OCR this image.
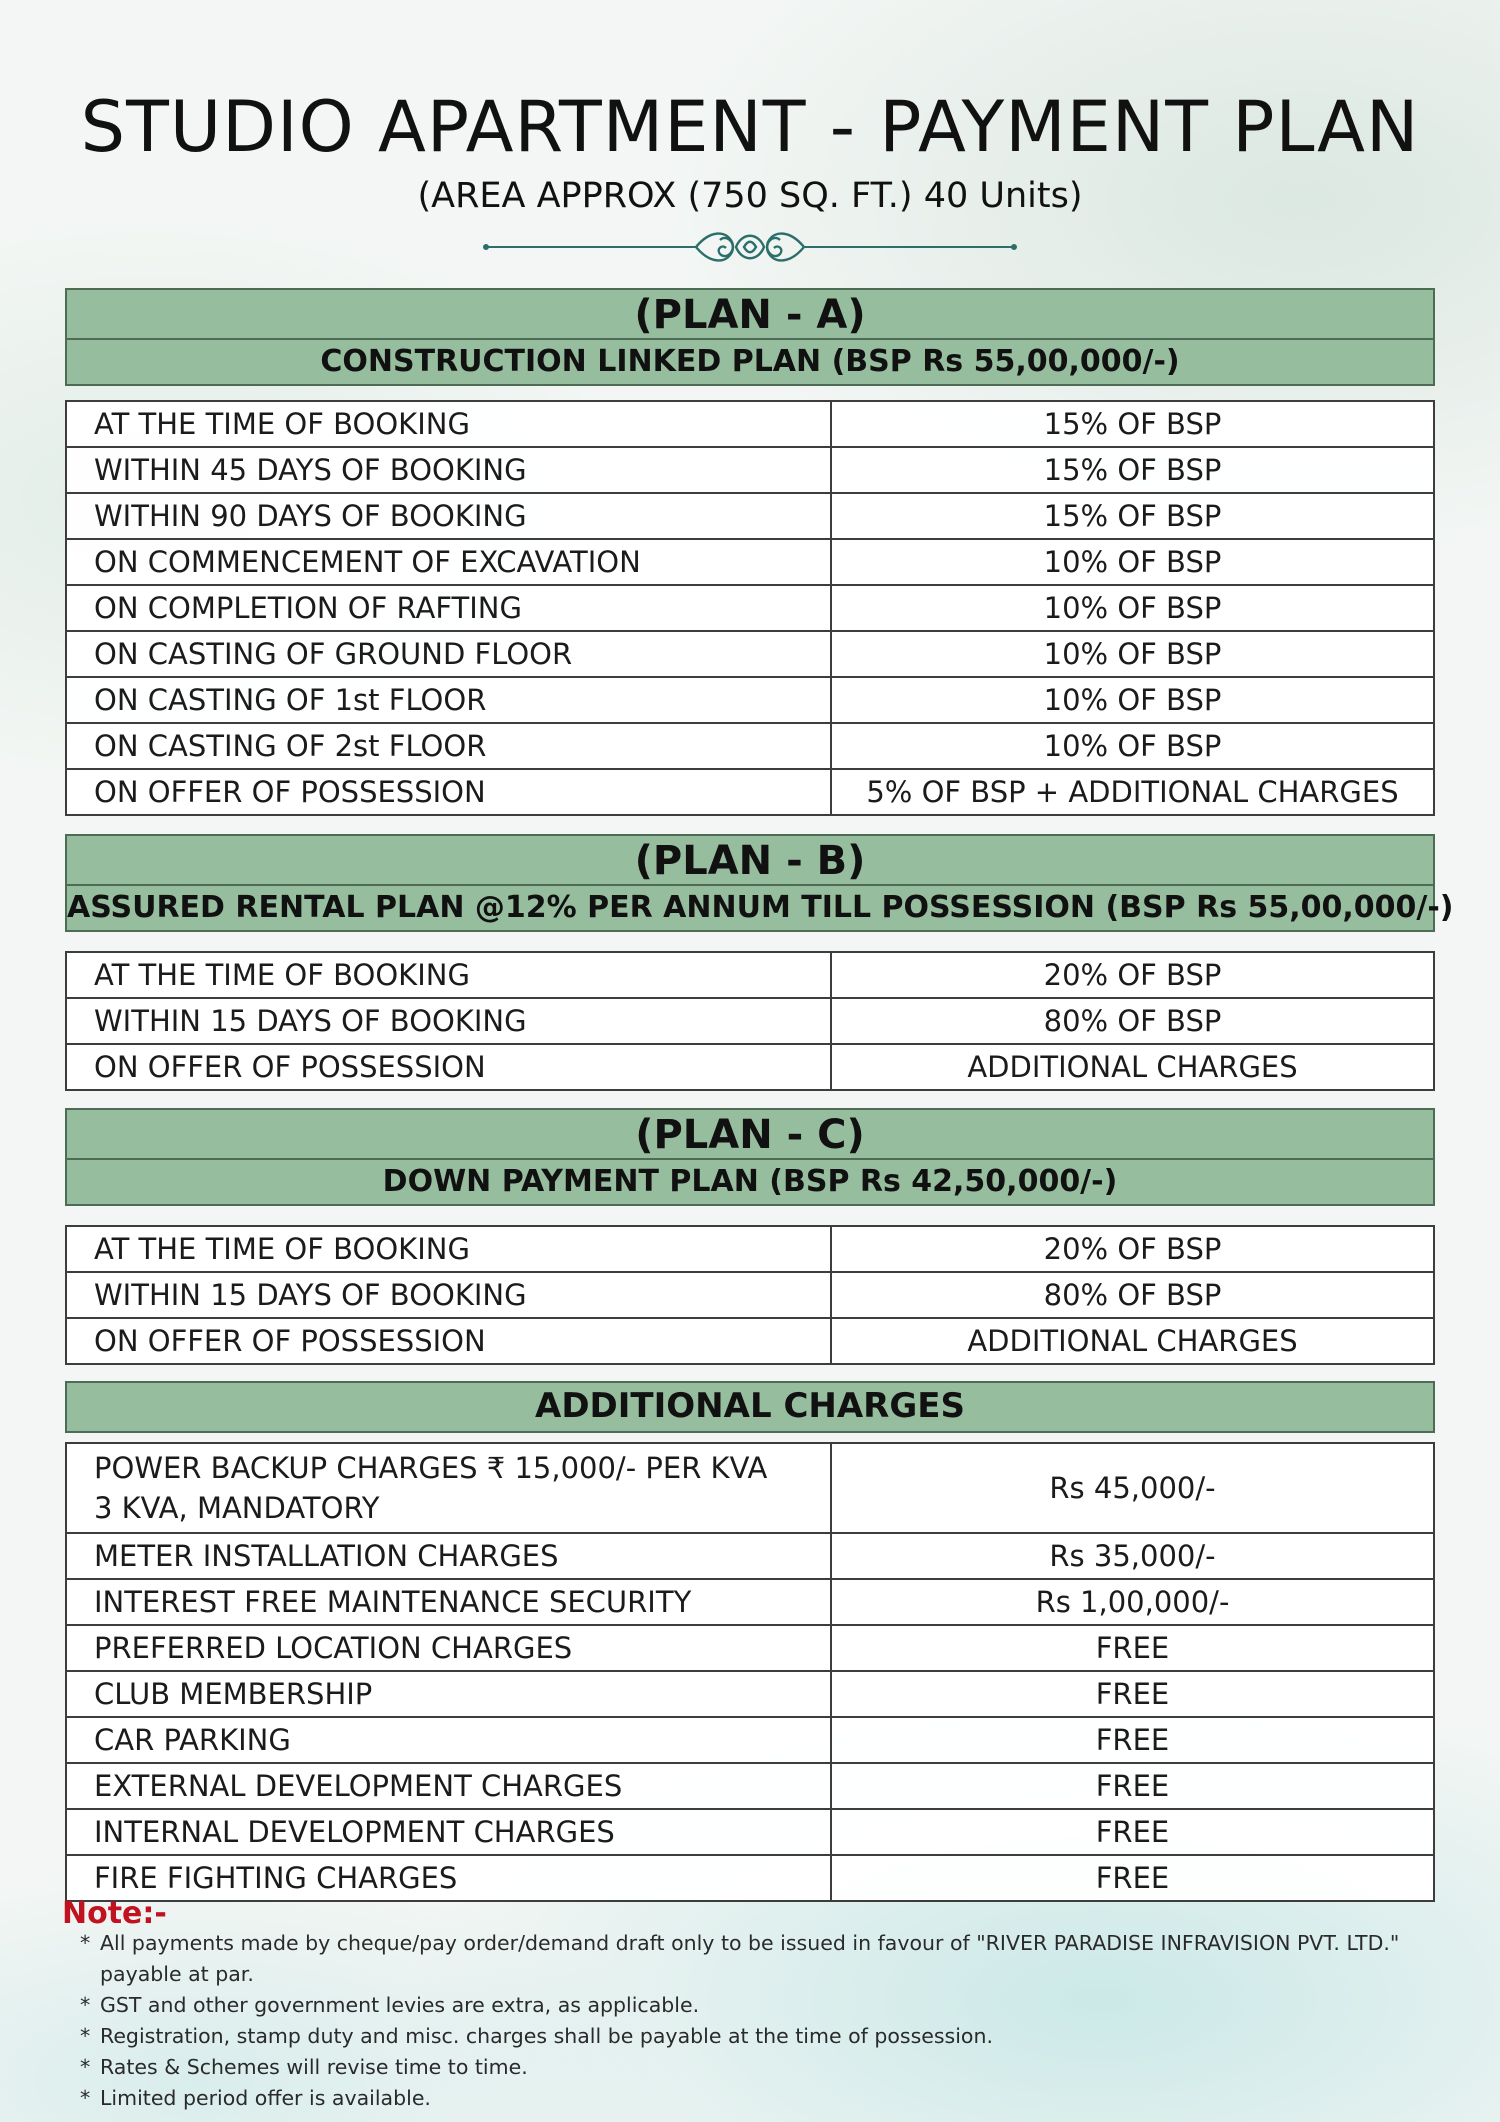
STUDIO APARTMENT - PAYMENT PLAN
(AREA APPROX (750 SQ. FT.) 40 Units)
(PLAN - A)
CONSTRUCTION LINKED PLAN (BSP Rs 55,00,000/-)
AT THE TIME OF BOOKING	15% OF BSP
WITHIN 45 DAYS OF BOOKING	15% OF BSP
WITHIN 90 DAYS OF BOOKING	15% OF BSP
ON COMMENCEMENT OF EXCAVATION	10% OF BSP
ON COMPLETION OF RAFTING	10% OF BSP
ON CASTING OF GROUND FLOOR	10% OF BSP
ON CASTING OF 1st FLOOR	10% OF BSP
ON CASTING OF 2st FLOOR	10% OF BSP
ON OFFER OF POSSESSION	5% OF BSP + ADDITIONAL CHARGES
(PLAN - B)
ASSURED RENTAL PLAN @12% PER ANNUM TILL POSSESSION (BSP Rs 55,00,000/-)
AT THE TIME OF BOOKING	20% OF BSP
WITHIN 15 DAYS OF BOOKING	80% OF BSP
ON OFFER OF POSSESSION	ADDITIONAL CHARGES
(PLAN - C)
DOWN PAYMENT PLAN (BSP Rs 42,50,000/-)
AT THE TIME OF BOOKING	20% OF BSP
WITHIN 15 DAYS OF BOOKING	80% OF BSP
ON OFFER OF POSSESSION	ADDITIONAL CHARGES
ADDITIONAL CHARGES
POWER BACKUP CHARGES ₹ 15,000/- PER KVA
3 KVA, MANDATORY	Rs 45,000/-
METER INSTALLATION CHARGES	Rs 35,000/-
INTEREST FREE MAINTENANCE SECURITY	Rs 1,00,000/-
PREFERRED LOCATION CHARGES	FREE
CLUB MEMBERSHIP	FREE
CAR PARKING	FREE
EXTERNAL DEVELOPMENT CHARGES	FREE
INTERNAL DEVELOPMENT CHARGES	FREE
FIRE FIGHTING CHARGES	FREE
Note:-
* All payments made by cheque/pay order/demand draft only to be issued in favour of "RIVER PARADISE INFRAVISION PVT. LTD."
payable at par.
* GST and other government levies are extra, as applicable.
* Registration, stamp duty and misc. charges shall be payable at the time of possession.
* Rates & Schemes will revise time to time.
* Limited period offer is available.
